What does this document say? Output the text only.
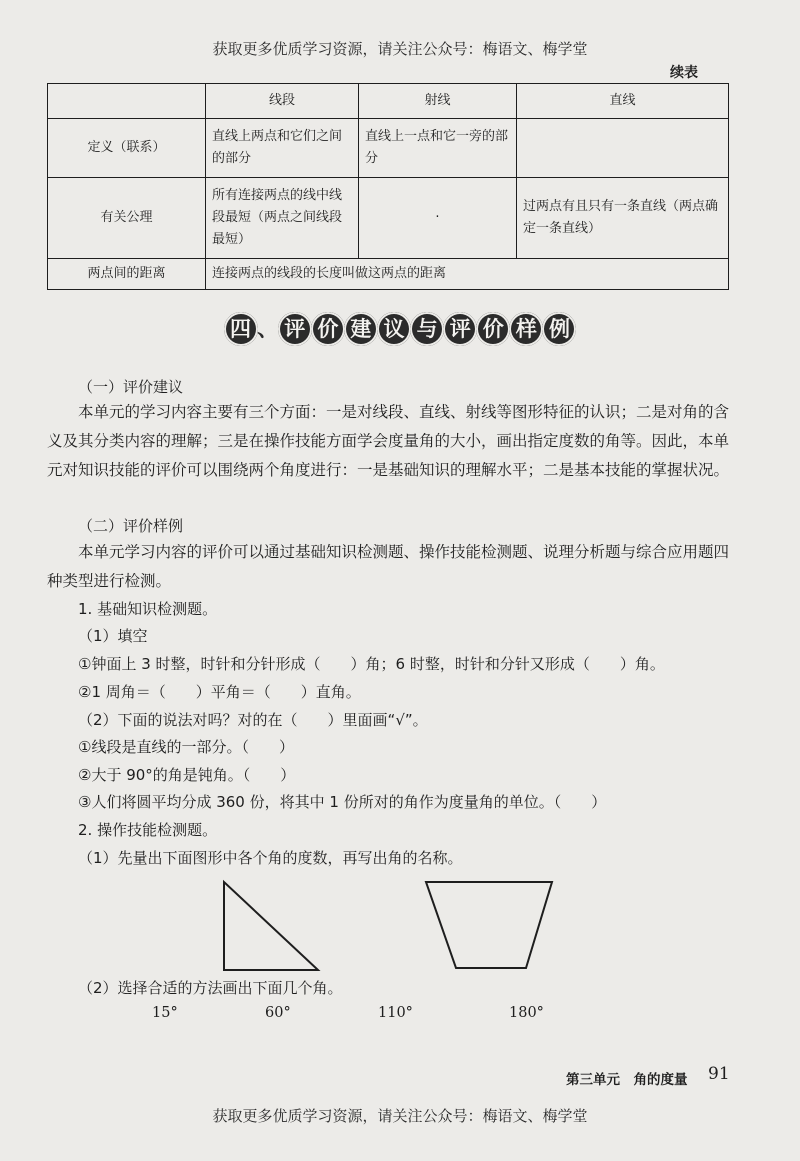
获取更多优质学习资源，请关注公众号：梅语文、梅学堂
续表
	线段	射线	直线
定义（联系）	直线上两点和它们之间的部分	直线上一点和它一旁的部分	
有关公理	所有连接两点的线中线段最短（两点之间线段最短）	·	过两点有且只有一条直线（两点确定一条直线）
两点间的距离	连接两点的线段的长度叫做这两点的距离		
四 、 评 价 建 议 与 评 价 样 例
（一）评价建议
本单元的学习内容主要有三个方面：一是对线段、直线、射线等图形特征的认识；二是对角的含义及其分类内容的理解；三是在操作技能方面学会度量角的大小，画出指定度数的角等。因此，本单元对知识技能的评价可以围绕两个角度进行：一是基础知识的理解水平；二是基本技能的掌握状况。
（二）评价样例
本单元学习内容的评价可以通过基础知识检测题、操作技能检测题、说理分析题与综合应用题四种类型进行检测。
1. 基础知识检测题。
（1）填空
①钟面上 3 时整，时针和分针形成（　　）角；6 时整，时针和分针又形成（　　）角。
②1 周角＝（　　）平角＝（　　）直角。
（2）下面的说法对吗？对的在（　　）里面画“√”。
①线段是直线的一部分。（　　）
②大于 90°的角是钝角。（　　）
③人们将圆平均分成 360 份，将其中 1 份所对的角作为度量角的单位。（　　）
2. 操作技能检测题。
（1）先量出下面图形中各个角的度数，再写出角的名称。
（2）选择合适的方法画出下面几个角。
15°	60°	110°	180°
第三单元　角的度量 91
获取更多优质学习资源，请关注公众号：梅语文、梅学堂
